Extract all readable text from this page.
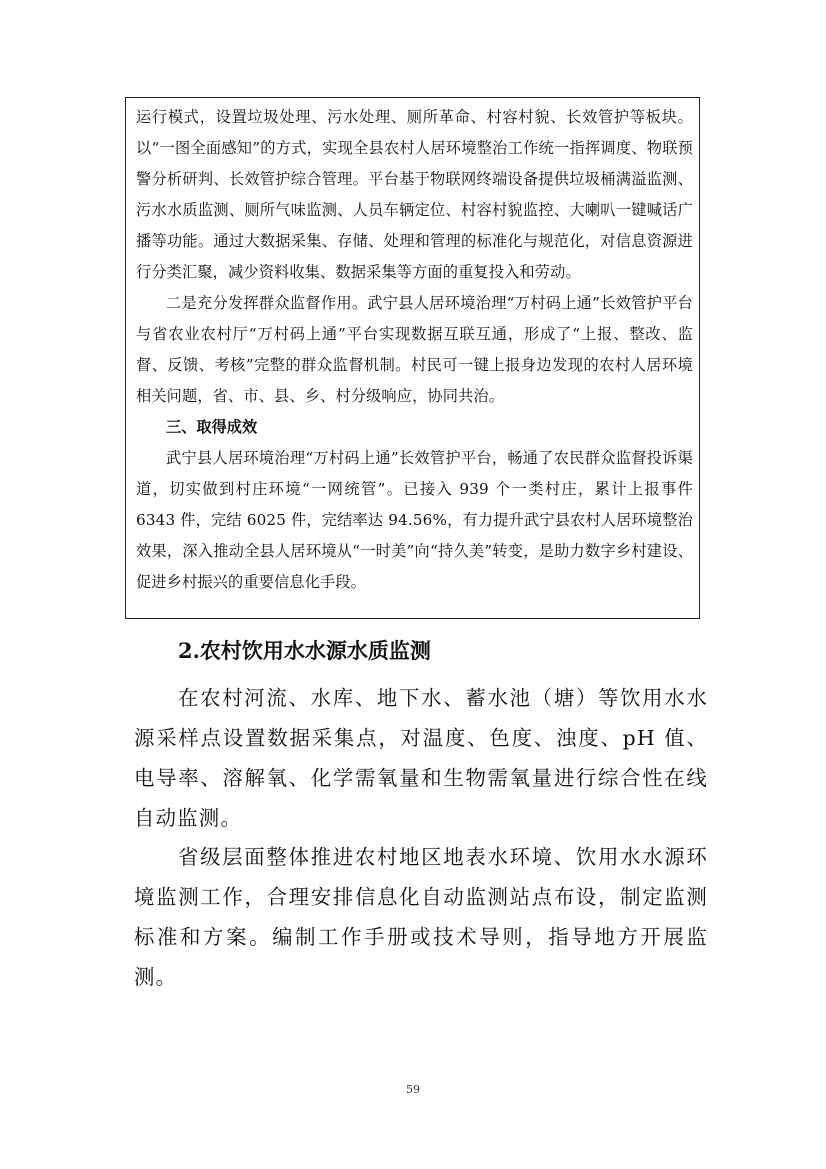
运行模式，设置垃圾处理、污水处理、厕所革命、村容村貌、长效管护等板块。以“一图全面感知”的方式，实现全县农村人居环境整治工作统一指挥调度、物联预警分析研判、长效管护综合管理。平台基于物联网终端设备提供垃圾桶满溢监测、污水水质监测、厕所气味监测、人员车辆定位、村容村貌监控、大喇叭一键喊话广播等功能。通过大数据采集、存储、处理和管理的标准化与规范化，对信息资源进行分类汇聚，减少资料收集、数据采集等方面的重复投入和劳动。

二是充分发挥群众监督作用。武宁县人居环境治理“万村码上通”长效管护平台与省农业农村厅“万村码上通”平台实现数据互联互通，形成了“上报、整改、监督、反馈、考核”完整的群众监督机制。村民可一键上报身边发现的农村人居环境相关问题，省、市、县、乡、村分级响应，协同共治。

三、取得成效

武宁县人居环境治理“万村码上通”长效管护平台，畅通了农民群众监督投诉渠道，切实做到村庄环境“一网统管”。已接入 939 个一类村庄，累计上报事件 6343 件，完结 6025 件，完结率达 94.56%，有力提升武宁县农村人居环境整治效果，深入推动全县人居环境从“一时美”向“持久美”转变，是助力数字乡村建设、促进乡村振兴的重要信息化手段。

2.农村饮用水水源水质监测

在农村河流、水库、地下水、蓄水池（塘）等饮用水水源采样点设置数据采集点，对温度、色度、浊度、pH 值、电导率、溶解氧、化学需氧量和生物需氧量进行综合性在线自动监测。

省级层面整体推进农村地区地表水环境、饮用水水源环境监测工作，合理安排信息化自动监测站点布设，制定监测标准和方案。编制工作手册或技术导则，指导地方开展监测。

59
